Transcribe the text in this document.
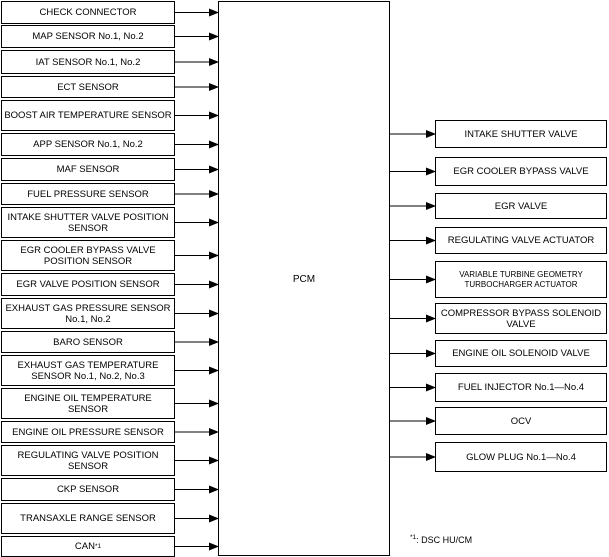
CHECK CONNECTOR
MAP SENSOR No.1, No.2
IAT SENSOR No.1, No.2
ECT SENSOR
BOOST AIR TEMPERATURE SENSOR
APP SENSOR No.1, No.2
MAF SENSOR
FUEL PRESSURE SENSOR
INTAKE SHUTTER VALVE POSITION SENSOR
EGR COOLER BYPASS VALVE POSITION SENSOR
EGR VALVE POSITION SENSOR
EXHAUST GAS PRESSURE SENSOR No.1, No.2
BARO SENSOR
EXHAUST GAS TEMPERATURE SENSOR No.1, No.2, No.3
ENGINE OIL TEMPERATURE SENSOR
ENGINE OIL PRESSURE SENSOR
REGULATING VALVE POSITION SENSOR
CKP SENSOR
TRANSAXLE RANGE SENSOR
CAN *1
PCM
INTAKE SHUTTER VALVE
EGR COOLER BYPASS VALVE
EGR VALVE
REGULATING VALVE ACTUATOR
VARIABLE TURBINE GEOMETRY TURBOCHARGER ACTUATOR
COMPRESSOR BYPASS SOLENOID VALVE
ENGINE OIL SOLENOID VALVE
FUEL INJECTOR No.1—No.4
OCV
GLOW PLUG No.1—No.4
$^{*1}$: DSC HU/CM
